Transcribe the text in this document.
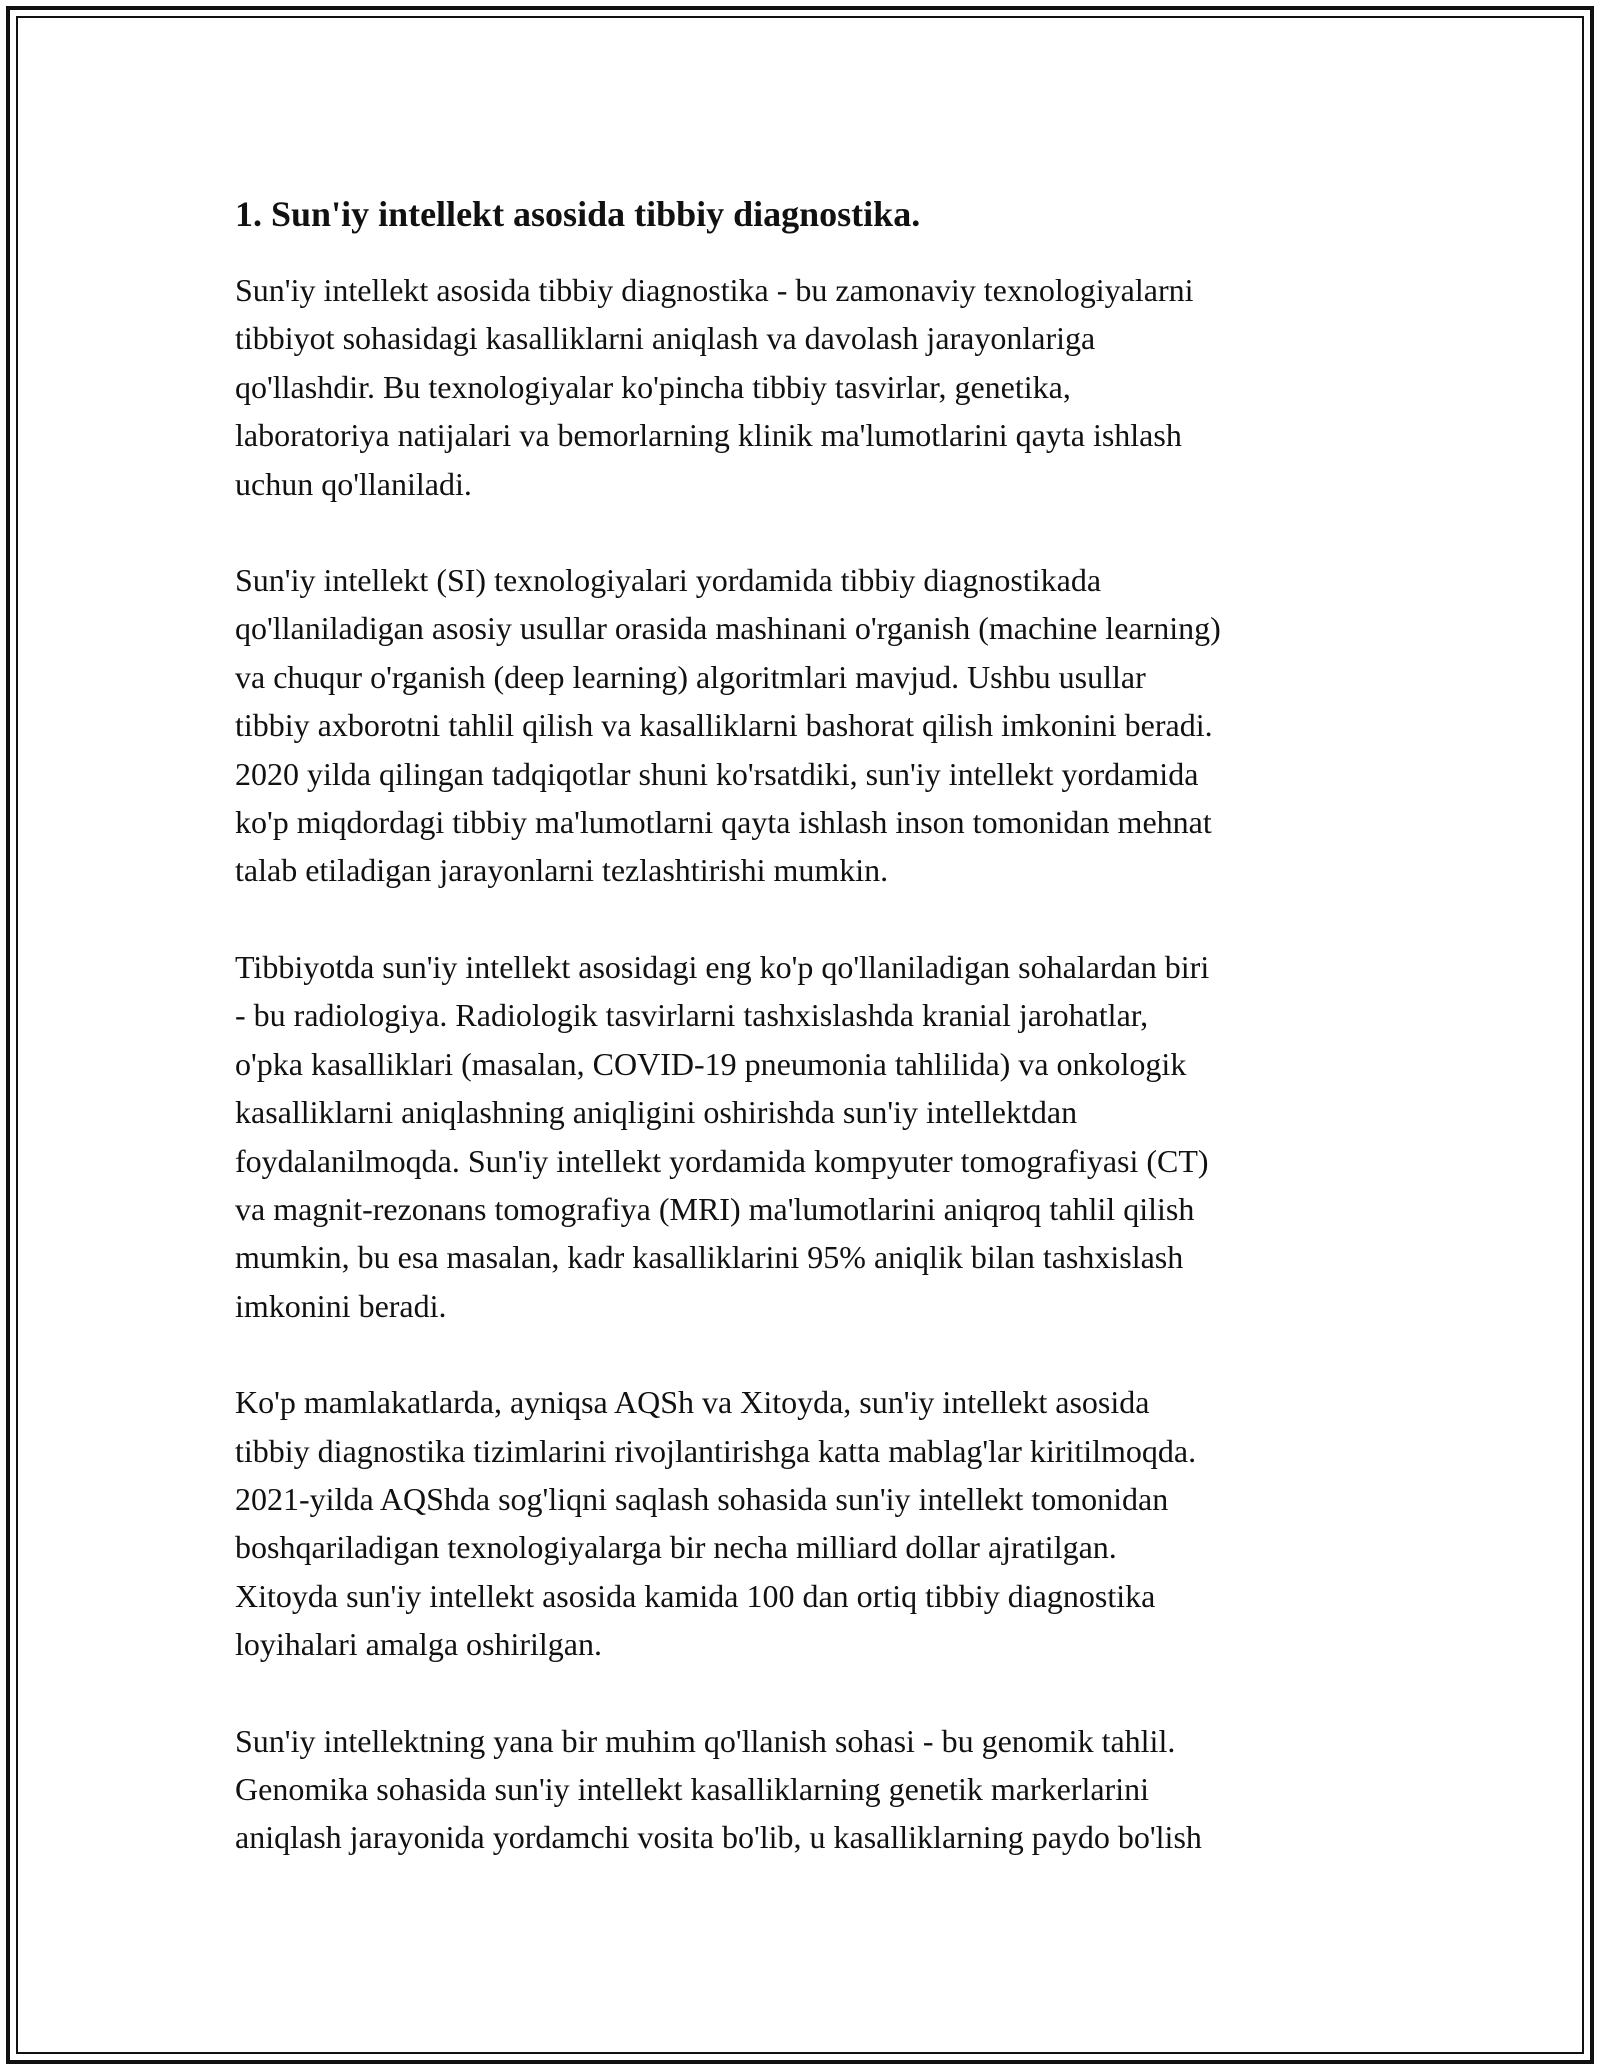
1. Sun'iy intellekt asosida tibbiy diagnostika.
Sun'iy intellekt asosida tibbiy diagnostika - bu zamonaviy texnologiyalarni
tibbiyot sohasidagi kasalliklarni aniqlash va davolash jarayonlariga
qo'llashdir. Bu texnologiyalar ko'pincha tibbiy tasvirlar, genetika,
laboratoriya natijalari va bemorlarning klinik ma'lumotlarini qayta ishlash
uchun qo'llaniladi.
Sun'iy intellekt (SI) texnologiyalari yordamida tibbiy diagnostikada
qo'llaniladigan asosiy usullar orasida mashinani o'rganish (machine learning)
va chuqur o'rganish (deep learning) algoritmlari mavjud. Ushbu usullar
tibbiy axborotni tahlil qilish va kasalliklarni bashorat qilish imkonini beradi.
2020 yilda qilingan tadqiqotlar shuni ko'rsatdiki, sun'iy intellekt yordamida
ko'p miqdordagi tibbiy ma'lumotlarni qayta ishlash inson tomonidan mehnat
talab etiladigan jarayonlarni tezlashtirishi mumkin.
Tibbiyotda sun'iy intellekt asosidagi eng ko'p qo'llaniladigan sohalardan biri
- bu radiologiya. Radiologik tasvirlarni tashxislashda kranial jarohatlar,
o'pka kasalliklari (masalan, COVID-19 pneumonia tahlilida) va onkologik
kasalliklarni aniqlashning aniqligini oshirishda sun'iy intellektdan
foydalanilmoqda. Sun'iy intellekt yordamida kompyuter tomografiyasi (CT)
va magnit-rezonans tomografiya (MRI) ma'lumotlarini aniqroq tahlil qilish
mumkin, bu esa masalan, kadr kasalliklarini 95% aniqlik bilan tashxislash
imkonini beradi.
Ko'p mamlakatlarda, ayniqsa AQSh va Xitoyda, sun'iy intellekt asosida
tibbiy diagnostika tizimlarini rivojlantirishga katta mablag'lar kiritilmoqda.
2021-yilda AQShda sog'liqni saqlash sohasida sun'iy intellekt tomonidan
boshqariladigan texnologiyalarga bir necha milliard dollar ajratilgan.
Xitoyda sun'iy intellekt asosida kamida 100 dan ortiq tibbiy diagnostika
loyihalari amalga oshirilgan.
Sun'iy intellektning yana bir muhim qo'llanish sohasi - bu genomik tahlil.
Genomika sohasida sun'iy intellekt kasalliklarning genetik markerlarini
aniqlash jarayonida yordamchi vosita bo'lib, u kasalliklarning paydo bo'lish
